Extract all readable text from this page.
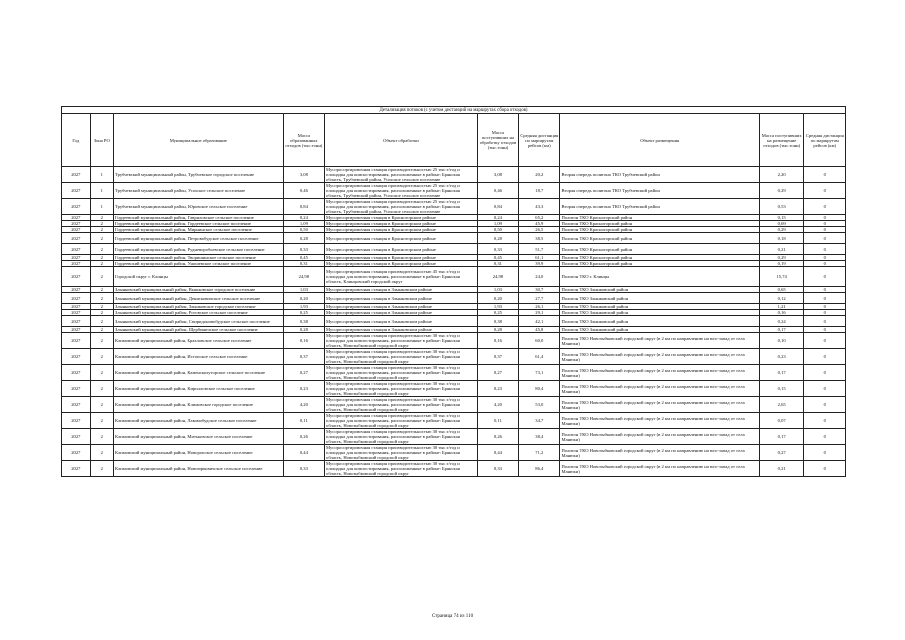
Детализация потоков (с учетом дистанций на маршрутах сбора отходов)									
Год	Зона РО	Муниципальное образование	Масса образованных отходов (тыс.тонн)	Объект обработки	Масса поступивших на обработку отходов (тыс.тонн)	Средняя дистанция по маршрутам рейсов (км)	Объект размещения	Масса поступивших на размещение отходов (тыс.тонн)	Средняя дистанция по маршрутам рейсов (км)
2027	1	Трубчевский муниципальный район, Трубчевское городское поселение	3,08	Мусоросортировочная станция производительностью 25 тыс.т/год и площадка для компостирования, расположенные в районе: Брянская область, Трубчевский район, Усохское сельское поселение	3,08	20,2	Вторая очередь полигона ТКО Трубчевский район	2,20	0
2027	1	Трубчевский муниципальный район, Усохское сельское поселение	0,46	Мусоросортировочная станция производительностью 25 тыс.т/год и площадка для компостирования, расположенные в районе: Брянская область, Трубчевский район, Усохское сельское поселение	0,46	18,7	Вторая очередь полигона ТКО Трубчевский район	0,29	0
2027	1	Трубчевский муниципальный район, Юровское сельское поселение	0,84	Мусоросортировочная станция производительностью 25 тыс.т/год и площадка для компостирования, расположенные в районе: Брянская область, Трубчевский район, Усохское сельское поселение	0,84	43,3	Вторая очередь полигона ТКО Трубчевский район	0,53	0
2027	2	Гордеевский муниципальный район, Гавриловское сельское поселение	0,24	Мусоросортировочная станция в Красногорском районе	0,24	65,2	Полигон ТКО Красногорский район	0,15	0
2027	2	Гордеевский муниципальный район, Гордеевское сельское поселение	1,09	Мусоросортировочная станция в Красногорском районе	1,09	45,9	Полигон ТКО Красногорский район	0,69	0
2027	2	Гордеевский муниципальный район, Мирнинское сельское поселение	0,50	Мусоросортировочная станция в Красногорском районе	0,50	26,5	Полигон ТКО Красногорский район	0,29	0
2027	2	Гордеевский муниципальный район, Петровобудское сельское поселение	0,28	Мусоросортировочная станция в Красногорском районе	0,28	38,5	Полигон ТКО Красногорский район	0,18	0
2027	2	Гордеевский муниципальный район, Рудневоробьевское сельское поселение	0,33	Мусоросортировочная станция в Красногорском районе	0,33	51,7	Полигон ТКО Красногорский район	0,21	0
2027	2	Гордеевский муниципальный район, Творишинское сельское поселение	0,45	Мусоросортировочная станция в Красногорском районе	0,45	61,1	Полигон ТКО Красногорский район	0,29	0
2027	2	Гордеевский муниципальный район, Уношевское сельское поселение	0,31	Мусоросортировочная станция в Красногорском районе	0,31	39,9	Полигон ТКО Красногорский район	0,19	0
2027	2	Городской округ г. Клинцы	24,98	Мусоросортировочная станция производительностью 45 тыс.т/год и площадка для компостирования, расположенные в районе: Брянская область, Клинцовский городской округ	24,98	24,0	Полигон ТКО г. Клинцы	15,74	0
2027	2	Злынковский муниципальный район, Вышковское городское поселение	1,03	Мусоросортировочная станция в Злынковском районе	1,03	30,7	Полигон ТКО Злынковский район	0,65	0
2027	2	Злынковский муниципальный район, Денисковичское сельское поселение	0,20	Мусоросортировочная станция в Злынковском районе	0,20	27,7	Полигон ТКО Злынковский район	0,12	0
2027	2	Злынковский муниципальный район, Злынковское городское поселение	1,93	Мусоросортировочная станция в Злынковском районе	1,93	26,1	Полигон ТКО Злынковский район	1,21	0
2027	2	Злынковский муниципальный район, Роговское сельское поселение	0,25	Мусоросортировочная станция в Злынковском районе	0,25	29,1	Полигон ТКО Злынковский район	0,16	0
2027	2	Злынковский муниципальный район, Спиридоновобудское сельское поселение	0,38	Мусоросортировочная станция в Злынковском районе	0,38	42,1	Полигон ТКО Злынковский район	0,24	0
2027	2	Злынковский муниципальный район, Щербиничское сельское поселение	0,28	Мусоросортировочная станция в Злынковском районе	0,28	45,8	Полигон ТКО Злынковский район	0,17	0
2027	2	Климовский муниципальный район, Брахловское сельское поселение	0,16	Мусоросортировочная станция производительностью 30 тыс.т/год и площадка для компостирования, расположенные в районе: Брянская область, Новозыбковский городской округ	0,16	60,0	Полигон ТКО Новозыбковский городской округ (в 2 км по направлению на юго-запад от села Манюки)	0,10	0
2027	2	Климовский муниципальный район, Истопское сельское поселение	0,37	Мусоросортировочная станция производительностью 30 тыс.т/год и площадка для компостирования, расположенные в районе: Брянская область, Новозыбковский городской округ	0,37	61,4	Полигон ТКО Новозыбковский городской округ (в 2 км по направлению на юго-запад от села Манюки)	0,23	0
2027	2	Климовский муниципальный район, Каменскохуторское сельское поселение	0,27	Мусоросортировочная станция производительностью 30 тыс.т/год и площадка для компостирования, расположенные в районе: Брянская область, Новозыбковский городской округ	0,27	73,1	Полигон ТКО Новозыбковский городской округ (в 2 км по направлению на юго-запад от села Манюки)	0,17	0
2027	2	Климовский муниципальный район, Кирилловское сельское поселение	0,23	Мусоросортировочная станция производительностью 30 тыс.т/год и площадка для компостирования, расположенные в районе: Брянская область, Новозыбковский городской округ	0,23	80,4	Полигон ТКО Новозыбковский городской округ (в 2 км по направлению на юго-запад от села Манюки)	0,15	0
2027	2	Климовский муниципальный район, Климовское городское поселение	4,20	Мусоросортировочная станция производительностью 30 тыс.т/год и площадка для компостирования, расположенные в районе: Брянская область, Новозыбковский городской округ	4,20	53,0	Полигон ТКО Новозыбковский городской округ (в 2 км по направлению на юго-запад от села Манюки)	2,65	0
2027	2	Климовский муниципальный район, Лакомобудское сельское поселение	0,11	Мусоросортировочная станция производительностью 30 тыс.т/год и площадка для компостирования, расположенные в районе: Брянская область, Новозыбковский городской округ	0,11	34,7	Полигон ТКО Новозыбковский городской округ (в 2 км по направлению на юго-запад от села Манюки)	0,07	0
2027	2	Климовский муниципальный район, Митьковское сельское поселение	0,26	Мусоросортировочная станция производительностью 30 тыс.т/год и площадка для компостирования, расположенные в районе: Брянская область, Новозыбковский городской округ	0,26	38,4	Полигон ТКО Новозыбковский городской округ (в 2 км по направлению на юго-запад от села Манюки)	0,17	0
2027	2	Климовский муниципальный район, Новоропское сельское поселение	0,44	Мусоросортировочная станция производительностью 30 тыс.т/год и площадка для компостирования, расположенные в районе: Брянская область, Новозыбковский городской округ	0,44	71,2	Полигон ТКО Новозыбковский городской округ (в 2 км по направлению на юго-запад от села Манюки)	0,27	0
2027	2	Климовский муниципальный район, Новоюрковичское сельское поселение	0,33	Мусоросортировочная станция производительностью 30 тыс.т/год и площадка для компостирования, расположенные в районе: Брянская область, Новозыбковский городской округ	0,33	86,4	Полигон ТКО Новозыбковский городской округ (в 2 км по направлению на юго-запад от села Манюки)	0,21	0
Страница 74 из 110
